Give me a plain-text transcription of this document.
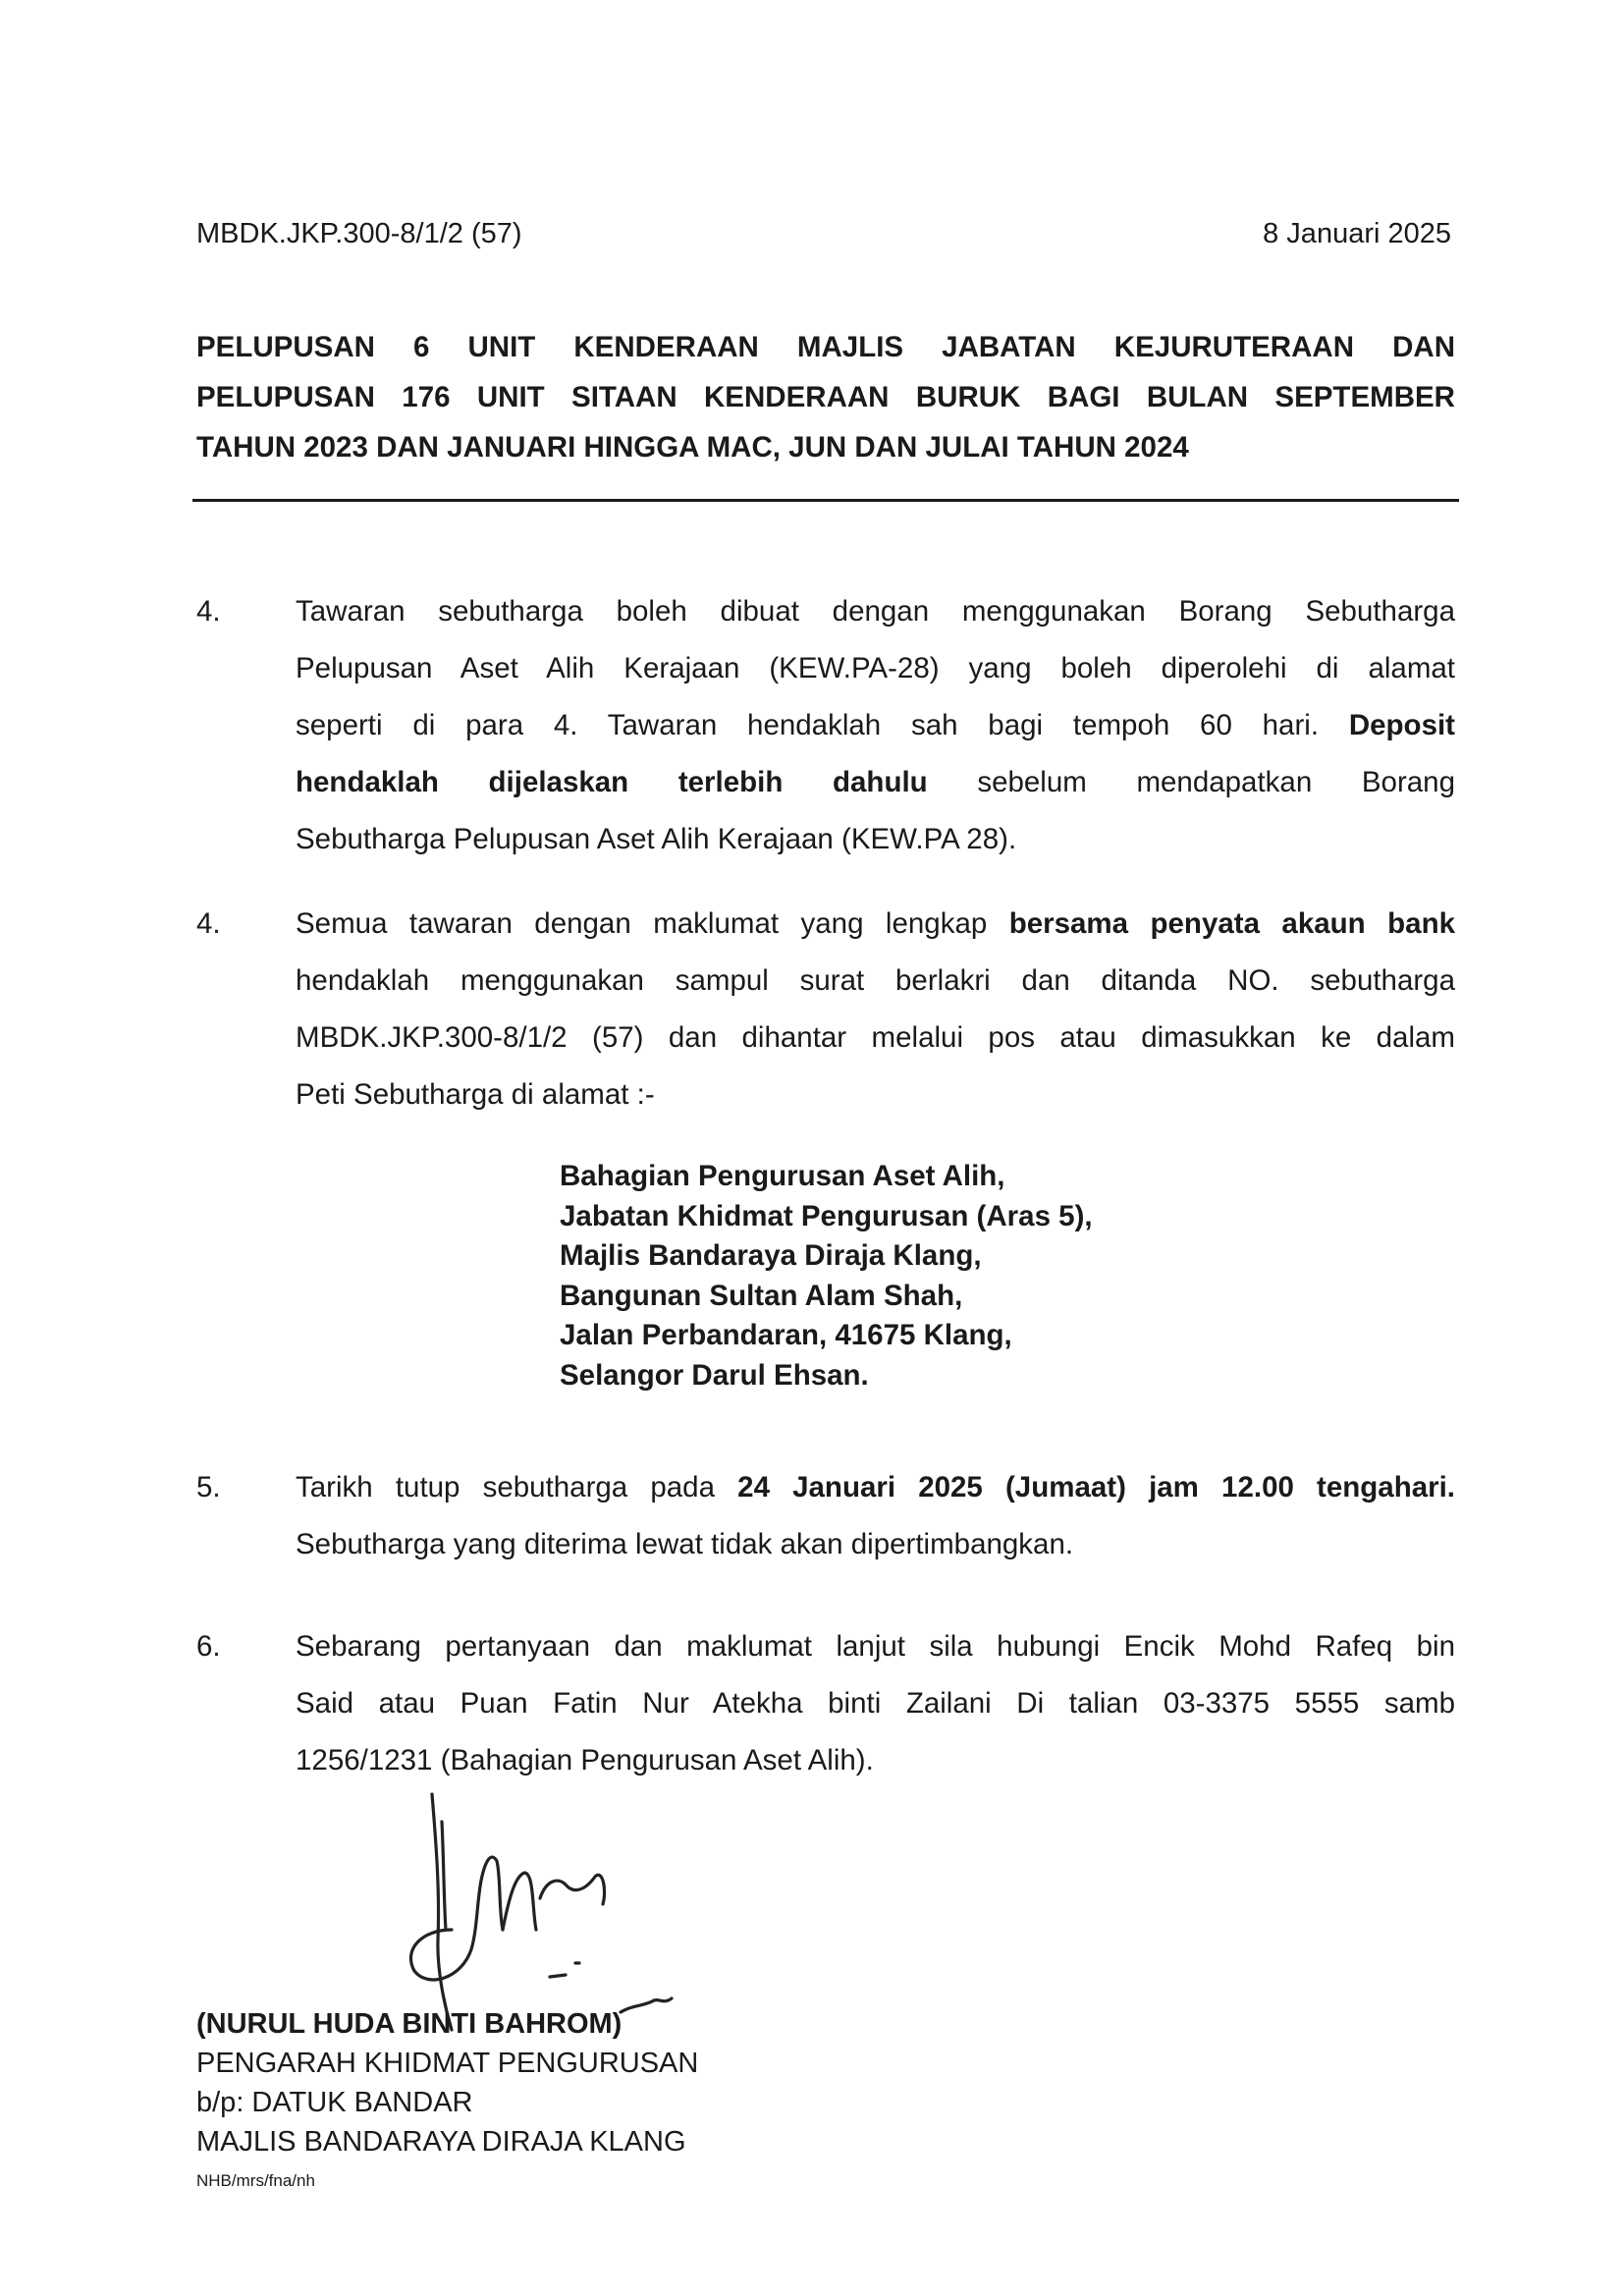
MBDK.JKP.300-8/1/2 (57)	8 Januari 2025
PELUPUSAN 6 UNIT KENDERAAN MAJLIS JABATAN KEJURUTERAAN DAN
PELUPUSAN 176 UNIT SITAAN KENDERAAN BURUK BAGI BULAN SEPTEMBER
TAHUN 2023 DAN JANUARI HINGGA MAC, JUN DAN JULAI TAHUN 2024
4.	Tawaran sebutharga boleh dibuat dengan menggunakan Borang Sebutharga
Pelupusan Aset Alih Kerajaan (KEW.PA-28) yang boleh diperolehi di alamat
seperti di para 4. Tawaran hendaklah sah bagi tempoh 60 hari. Deposit
hendaklah dijelaskan terlebih dahulu sebelum mendapatkan Borang
Sebutharga Pelupusan Aset Alih Kerajaan (KEW.PA 28).
4.	Semua tawaran dengan maklumat yang lengkap bersama penyata akaun bank
hendaklah menggunakan sampul surat berlakri dan ditanda NO. sebutharga
MBDK.JKP.300-8/1/2 (57) dan dihantar melalui pos atau dimasukkan ke dalam
Peti Sebutharga di alamat :-
Bahagian Pengurusan Aset Alih,
Jabatan Khidmat Pengurusan (Aras 5),
Majlis Bandaraya Diraja Klang,
Bangunan Sultan Alam Shah,
Jalan Perbandaran, 41675 Klang,
Selangor Darul Ehsan.
5.	Tarikh tutup sebutharga pada 24 Januari 2025 (Jumaat) jam 12.00 tengahari.
Sebutharga yang diterima lewat tidak akan dipertimbangkan.
6.	Sebarang pertanyaan dan maklumat lanjut sila hubungi Encik Mohd Rafeq bin
Said atau Puan Fatin Nur Atekha binti Zailani Di talian 03-3375 5555 samb
1256/1231 (Bahagian Pengurusan Aset Alih).
(NURUL HUDA BINTI BAHROM)
PENGARAH KHIDMAT PENGURUSAN
b/p: DATUK BANDAR
MAJLIS BANDARAYA DIRAJA KLANG
NHB/mrs/fna/nh
